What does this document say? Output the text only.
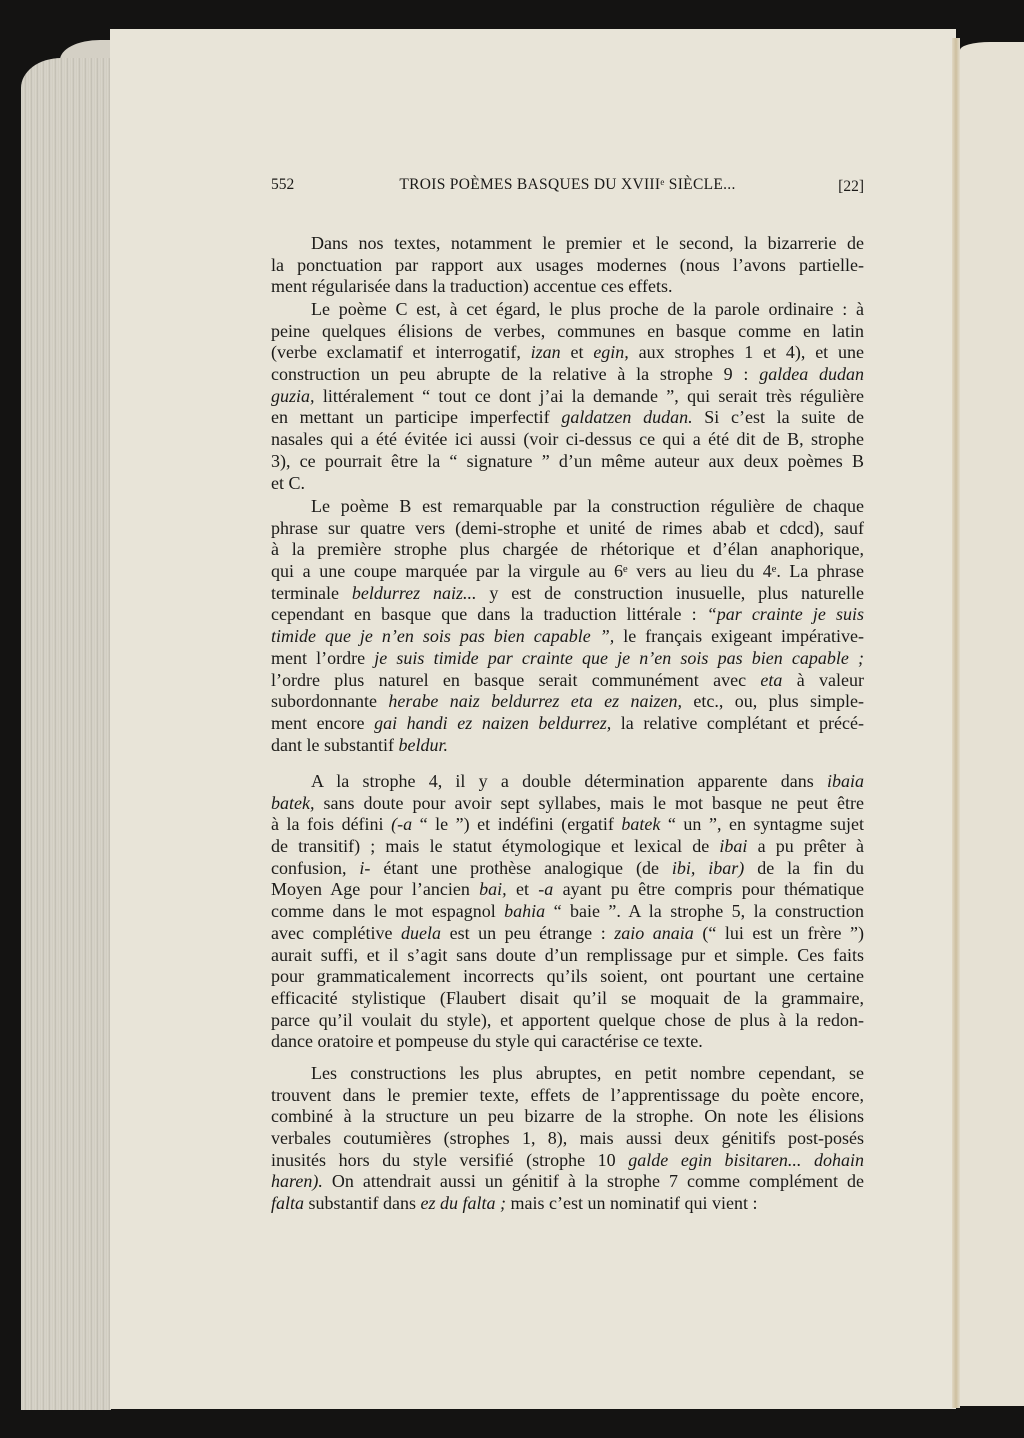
552	TROIS POÈMES BASQUES DU XVIIIᵉ SIÈCLE...	[22]
Dans nos textes, notamment le premier et le second, la bizarrerie de
la ponctuation par rapport aux usages modernes (nous l’avons partielle-
ment régularisée dans la traduction) accentue ces effets.
Le poème C est, à cet égard, le plus proche de la parole ordinaire : à
peine quelques élisions de verbes, communes en basque comme en latin
(verbe exclamatif et interrogatif, izan et egin, aux strophes 1 et 4), et une
construction un peu abrupte de la relative à la strophe 9 : galdea dudan
guzia, littéralement “ tout ce dont j’ai la demande ”, qui serait très régulière
en mettant un participe imperfectif galdatzen dudan. Si c’est la suite de
nasales qui a été évitée ici aussi (voir ci-dessus ce qui a été dit de B, strophe
3), ce pourrait être la “ signature ” d’un même auteur aux deux poèmes B
et C.
Le poème B est remarquable par la construction régulière de chaque
phrase sur quatre vers (demi-strophe et unité de rimes abab et cdcd), sauf
à la première strophe plus chargée de rhétorique et d’élan anaphorique,
qui a une coupe marquée par la virgule au 6ᵉ vers au lieu du 4ᵉ. La phrase
terminale beldurrez naiz... y est de construction inusuelle, plus naturelle
cependant en basque que dans la traduction littérale : “par crainte je suis
timide que je n’en sois pas bien capable ”, le français exigeant impérative-
ment l’ordre je suis timide par crainte que je n’en sois pas bien capable ;
l’ordre plus naturel en basque serait communément avec eta à valeur
subordonnante herabe naiz beldurrez eta ez naizen, etc., ou, plus simple-
ment encore gai handi ez naizen beldurrez, la relative complétant et précé-
dant le substantif beldur.
A la strophe 4, il y a double détermination apparente dans ibaia
batek, sans doute pour avoir sept syllabes, mais le mot basque ne peut être
à la fois défini (-a “ le ”) et indéfini (ergatif batek “ un ”, en syntagme sujet
de transitif) ; mais le statut étymologique et lexical de ibai a pu prêter à
confusion, i- étant une prothèse analogique (de ibi, ibar) de la fin du
Moyen Age pour l’ancien bai, et -a ayant pu être compris pour thématique
comme dans le mot espagnol bahia “ baie ”. A la strophe 5, la construction
avec complétive duela est un peu étrange : zaio anaia (“ lui est un frère ”)
aurait suffi, et il s’agit sans doute d’un remplissage pur et simple. Ces faits
pour grammaticalement incorrects qu’ils soient, ont pourtant une certaine
efficacité stylistique (Flaubert disait qu’il se moquait de la grammaire,
parce qu’il voulait du style), et apportent quelque chose de plus à la redon-
dance oratoire et pompeuse du style qui caractérise ce texte.
Les constructions les plus abruptes, en petit nombre cependant, se
trouvent dans le premier texte, effets de l’apprentissage du poète encore,
combiné à la structure un peu bizarre de la strophe. On note les élisions
verbales coutumières (strophes 1, 8), mais aussi deux génitifs post-posés
inusités hors du style versifié (strophe 10 galde egin bisitaren... dohain
haren). On attendrait aussi un génitif à la strophe 7 comme complément de
falta substantif dans ez du falta ; mais c’est un nominatif qui vient :
